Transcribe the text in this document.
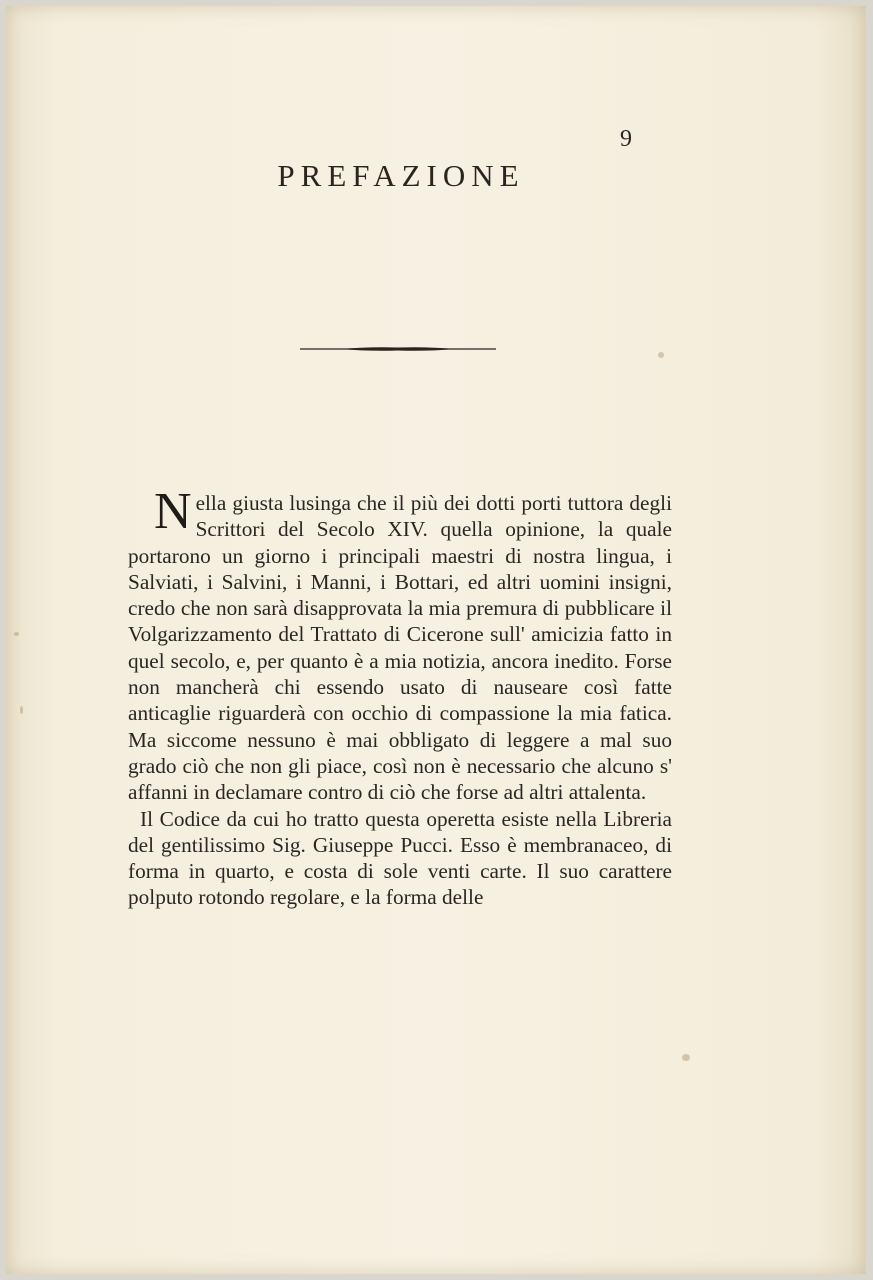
9
PREFAZIONE

Nella giusta lusinga che il più dei dotti porti tuttora degli Scrittori del Secolo XIV. quella opinione, la quale portarono un giorno i principali maestri di nostra lingua, i Salviati, i Salvini, i Manni, i Bottari, ed altri uomini insigni, credo che non sarà disapprovata la mia premura di pubblicare il Volgarizzamento del Trattato di Cicerone sull' amicizia fatto in quel secolo, e, per quanto è a mia notizia, ancora inedito. Forse non mancherà chi essendo usato di nauseare così fatte anticaglie riguarderà con occhio di compassione la mia fatica. Ma siccome nessuno è mai obbligato di leggere a mal suo grado ciò che non gli piace, così non è necessario che alcuno s' affanni in declamare contro di ciò che forse ad altri attalenta.

Il Codice da cui ho tratto questa operetta esiste nella Libreria del gentilissimo Sig. Giuseppe Pucci. Esso è membranaceo, di forma in quarto, e costa di sole venti carte. Il suo carattere polputo rotondo regolare, e la forma delle
